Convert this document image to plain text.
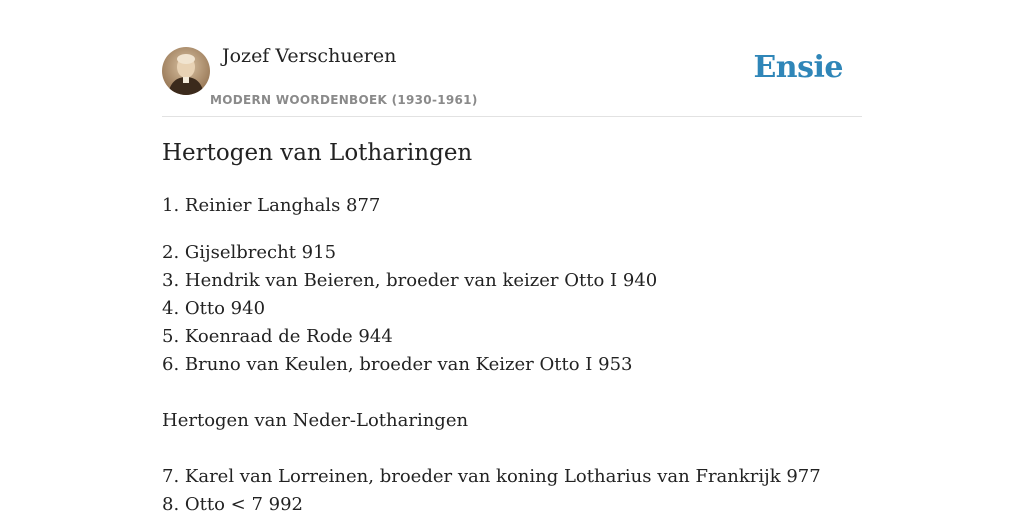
Jozef Verschueren
MODERN WOORDENBOEK (1930-1961)
Ensie
Hertogen van Lotharingen
1. Reinier Langhals 877
2. Gijselbrecht 915
3. Hendrik van Beieren, broeder van keizer Otto I 940
4. Otto 940
5. Koenraad de Rode 944
6. Bruno van Keulen, broeder van Keizer Otto I 953
Hertogen van Neder-Lotharingen
7. Karel van Lorreinen, broeder van koning Lotharius van Frankrijk 977
8. Otto < 7 992
